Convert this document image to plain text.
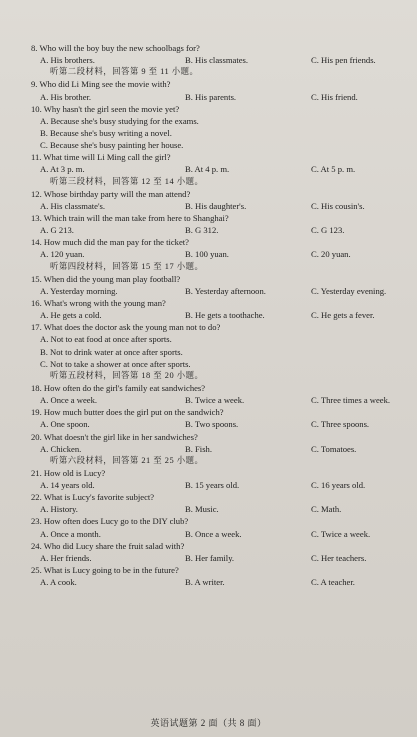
8. Who will the boy buy the new schoolbags for?
A. His brothers.	B. His classmates.	C. His pen friends.
听第二段材料，回答第 9 至 11 小题。
9. Who did Li Ming see the movie with?
A. His brother.	B. His parents.	C. His friend.
10. Why hasn't the girl seen the movie yet?
A. Because she's busy studying for the exams.
B. Because she's busy writing a novel.
C. Because she's busy painting her house.
11. What time will Li Ming call the girl?
A. At 3 p. m.	B. At 4 p. m.	C. At 5 p. m.
听第三段材料，回答第 12 至 14 小题。
12. Whose birthday party will the man attend?
A. His classmate's.	B. His daughter's.	C. His cousin's.
13. Which train will the man take from here to Shanghai?
A. G 213.	B. G 312.	C. G 123.
14. How much did the man pay for the ticket?
A. 120 yuan.	B. 100 yuan.	C. 20 yuan.
听第四段材料，回答第 15 至 17 小题。
15. When did the young man play football?
A. Yesterday morning.	B. Yesterday afternoon.	C. Yesterday evening.
16. What's wrong with the young man?
A. He gets a cold.	B. He gets a toothache.	C. He gets a fever.
17. What does the doctor ask the young man not to do?
A. Not to eat food at once after sports.
B. Not to drink water at once after sports.
C. Not to take a shower at once after sports.
听第五段材料，回答第 18 至 20 小题。
18. How often do the girl's family eat sandwiches?
A. Once a week.	B. Twice a week.	C. Three times a week.
19. How much butter does the girl put on the sandwich?
A. One spoon.	B. Two spoons.	C. Three spoons.
20. What doesn't the girl like in her sandwiches?
A. Chicken.	B. Fish.	C. Tomatoes.
听第六段材料，回答第 21 至 25 小题。
21. How old is Lucy?
A. 14 years old.	B. 15 years old.	C. 16 years old.
22. What is Lucy's favorite subject?
A. History.	B. Music.	C. Math.
23. How often does Lucy go to the DIY club?
A. Once a month.	B. Once a week.	C. Twice a week.
24. Who did Lucy share the fruit salad with?
A. Her friends.	B. Her family.	C. Her teachers.
25. What is Lucy going to be in the future?
A. A cook.	B. A writer.	C. A teacher.
英语试题第 2 面（共 8 面）
